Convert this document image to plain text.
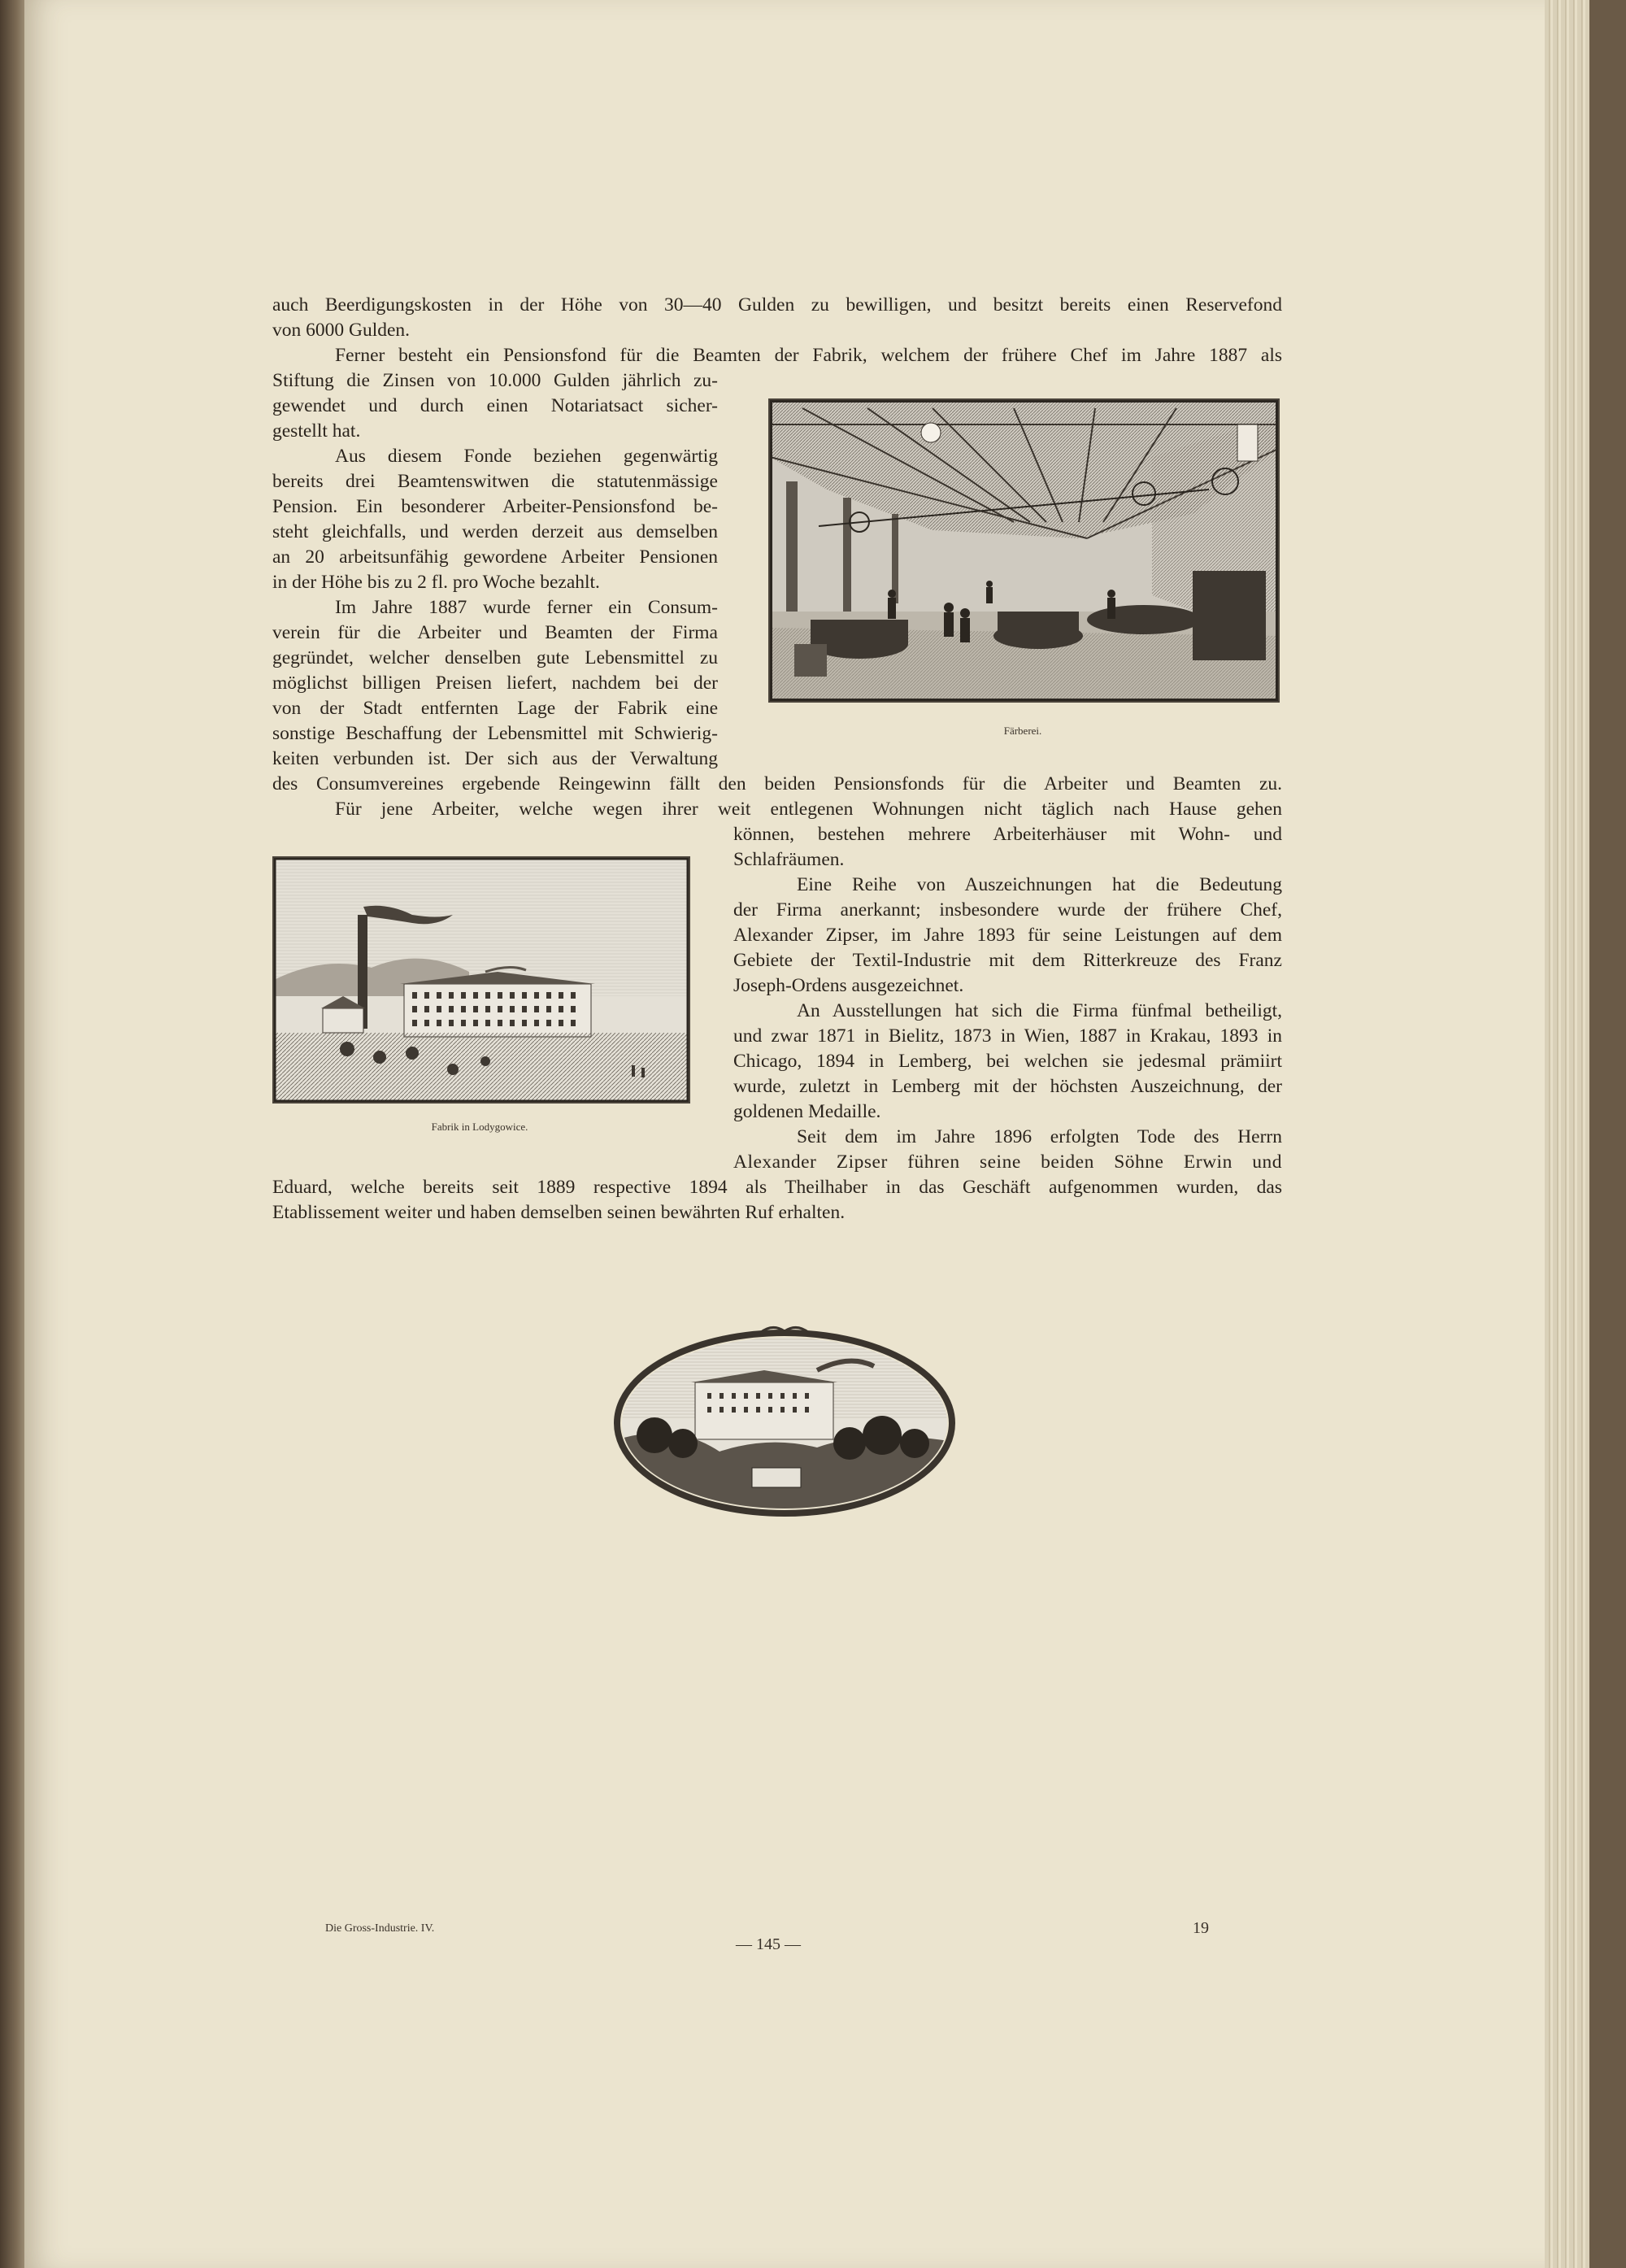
auch Beerdigungskosten in der Höhe von 30—40 Gulden zu bewilligen, und besitzt bereits einen Reservefond
von 6000 Gulden.
Ferner besteht ein Pensionsfond für die Beamten der Fabrik, welchem der frühere Chef im Jahre 1887 als
Stiftung die Zinsen von 10.000 Gulden jährlich zu-
gewendet und durch einen Notariatsact sicher-
gestellt hat.
Aus diesem Fonde beziehen gegenwärtig
bereits drei Beamtenswitwen die statutenmässige
Pension. Ein besonderer Arbeiter-Pensionsfond be-
steht gleichfalls, und werden derzeit aus demselben
an 20 arbeitsunfähig gewordene Arbeiter Pensionen
in der Höhe bis zu 2 fl. pro Woche bezahlt.
Im Jahre 1887 wurde ferner ein Consum-
verein für die Arbeiter und Beamten der Firma
gegründet, welcher denselben gute Lebensmittel zu
möglichst billigen Preisen liefert, nachdem bei der
von der Stadt entfernten Lage der Fabrik eine
sonstige Beschaffung der Lebensmittel mit Schwierig-
keiten verbunden ist. Der sich aus der Verwaltung
des Consumvereines ergebende Reingewinn fällt den beiden Pensionsfonds für die Arbeiter und Beamten zu.
Für jene Arbeiter, welche wegen ihrer weit entlegenen Wohnungen nicht täglich nach Hause gehen
können, bestehen mehrere Arbeiterhäuser mit Wohn- und
Schlafräumen.
Eine Reihe von Auszeichnungen hat die Bedeutung
der Firma anerkannt; insbesondere wurde der frühere Chef,
Alexander Zipser, im Jahre 1893 für seine Leistungen auf dem
Gebiete der Textil-Industrie mit dem Ritterkreuze des Franz
Joseph-Ordens ausgezeichnet.
An Ausstellungen hat sich die Firma fünfmal betheiligt,
und zwar 1871 in Bielitz, 1873 in Wien, 1887 in Krakau, 1893 in
Chicago, 1894 in Lemberg, bei welchen sie jedesmal prämiirt
wurde, zuletzt in Lemberg mit der höchsten Auszeichnung, der
goldenen Medaille.
Seit dem im Jahre 1896 erfolgten Tode des Herrn
Alexander Zipser führen seine beiden Söhne Erwin und
Eduard, welche bereits seit 1889 respective 1894 als Theilhaber in das Geschäft aufgenommen wurden, das
Etablissement weiter und haben demselben seinen bewährten Ruf erhalten.
Färberei.
Fabrik in Lodygowice.
Die Gross-Industrie. IV.
— 145 —
19
